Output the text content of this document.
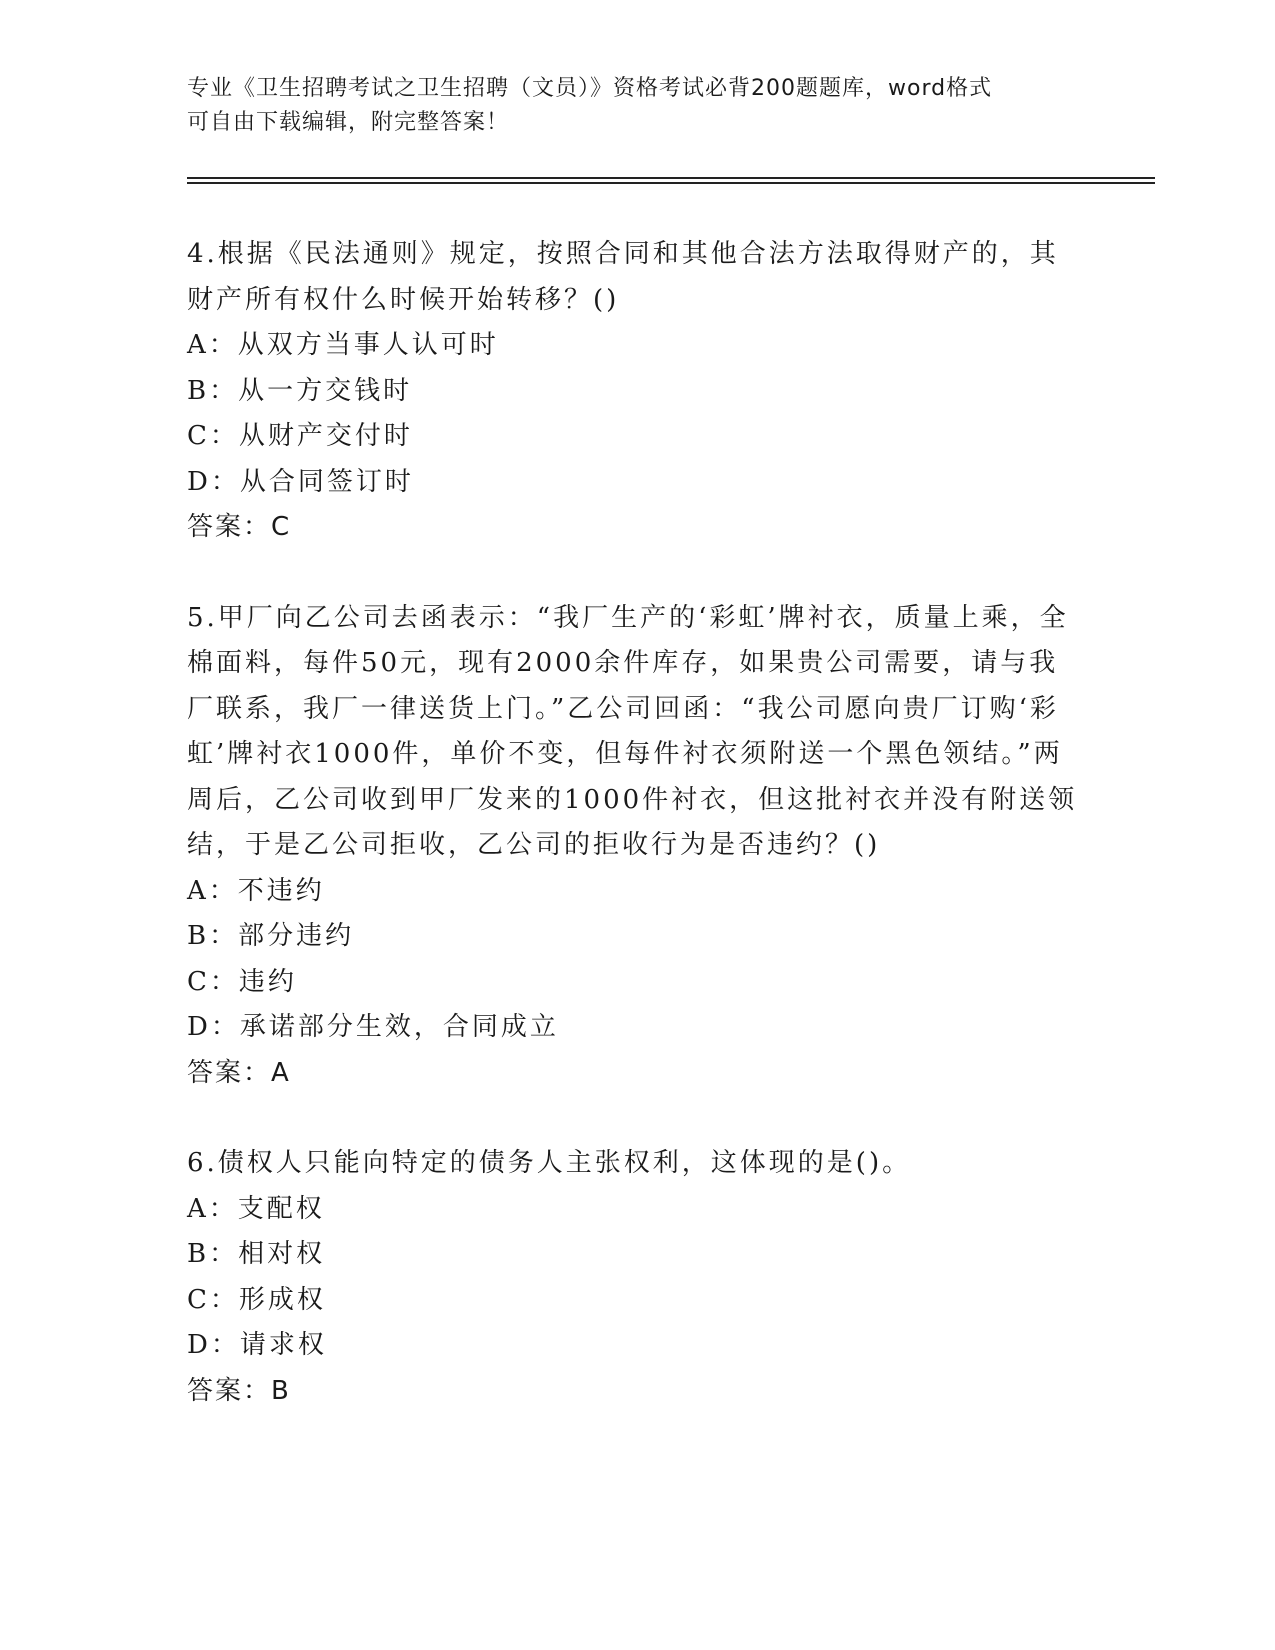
专业《卫生招聘考试之卫生招聘（文员）》资格考试必背200题题库，word格式
可自由下载编辑，附完整答案！

4.根据《民法通则》规定，按照合同和其他合法方法取得财产的，其财产所有权什么时候开始转移？()

A：从双方当事人认可时

B：从一方交钱时

C：从财产交付时

D：从合同签订时

答案：C

5.甲厂向乙公司去函表示：“我厂生产的‘彩虹’牌衬衣，质量上乘，全棉面料，每件50元，现有2000余件库存，如果贵公司需要，请与我厂联系，我厂一律送货上门。”乙公司回函：“我公司愿向贵厂订购‘彩虹’牌衬衣1000件，单价不变，但每件衬衣须附送一个黑色领结。”两周后，乙公司收到甲厂发来的1000件衬衣，但这批衬衣并没有附送领结，于是乙公司拒收，乙公司的拒收行为是否违约？()

A：不违约

B：部分违约

C：违约

D：承诺部分生效，合同成立

答案：A

6.债权人只能向特定的债务人主张权利，这体现的是()。

A：支配权

B：相对权

C：形成权

D：请求权

答案：B
